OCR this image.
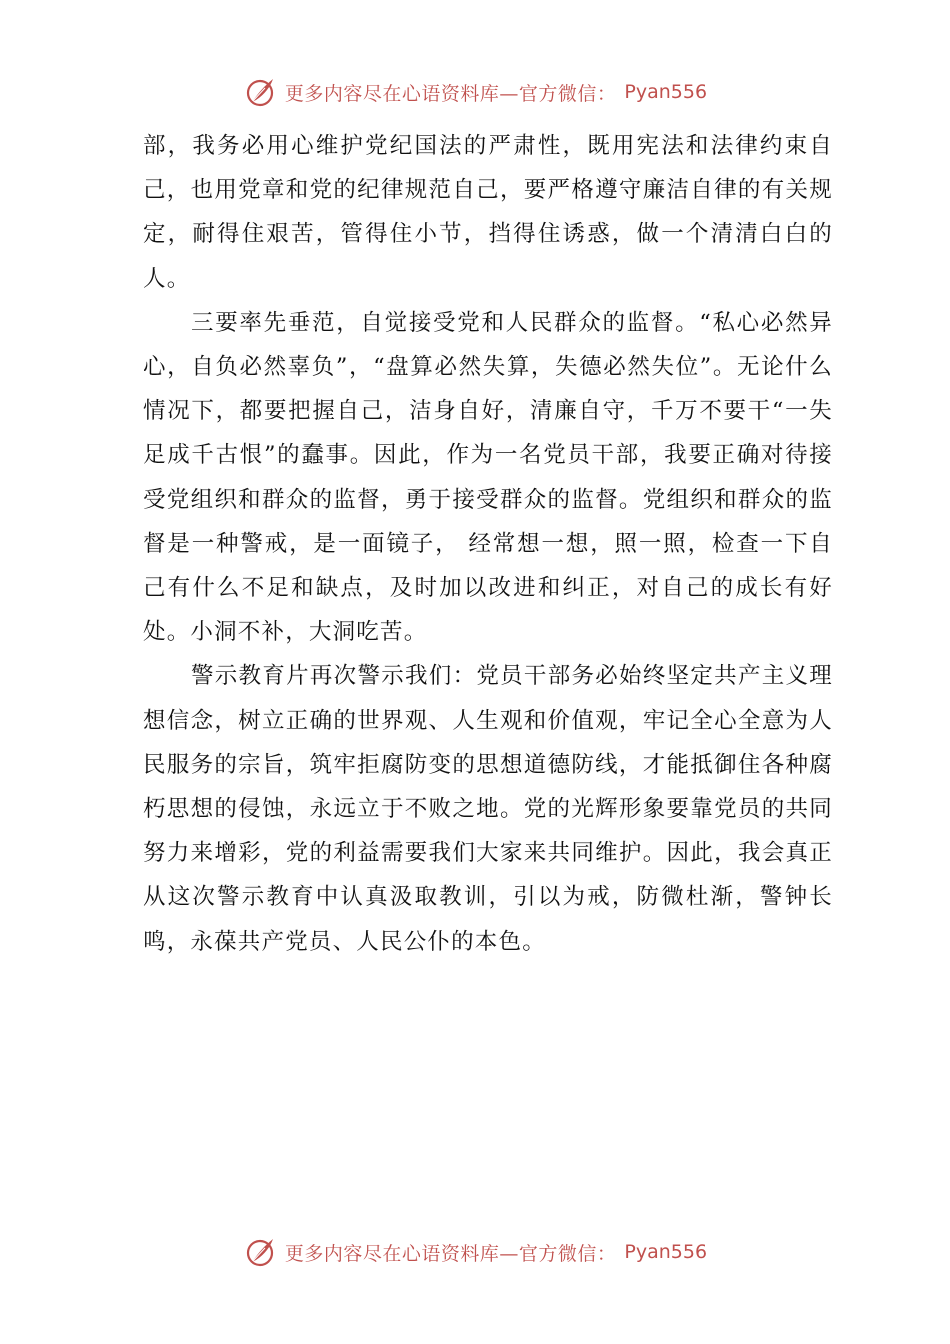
更多内容尽在心语资料库—官方微信： Pyan556

部，我务必用心维护党纪国法的严肃性，既用宪法和法律约束自己，也用党章和党的纪律规范自己，要严格遵守廉洁自律的有关规定，耐得住艰苦，管得住小节，挡得住诱惑，做一个清清白白的人。

三要率先垂范，自觉接受党和人民群众的监督。“私心必然异心，自负必然辜负”，“盘算必然失算，失德必然失位”。无论什么情况下，都要把握自己，洁身自好，清廉自守，千万不要干“一失足成千古恨”的蠢事。因此，作为一名党员干部，我要正确对待接受党组织和群众的监督，勇于接受群众的监督。党组织和群众的监督是一种警戒，是一面镜子， 经常想一想，照一照，检查一下自己有什么不足和缺点，及时加以改进和纠正，对自己的成长有好处。小洞不补，大洞吃苦。

警示教育片再次警示我们：党员干部务必始终坚定共产主义理想信念，树立正确的世界观、人生观和价值观，牢记全心全意为人民服务的宗旨，筑牢拒腐防变的思想道德防线，才能抵御住各种腐朽思想的侵蚀，永远立于不败之地。党的光辉形象要靠党员的共同努力来增彩，党的利益需要我们大家来共同维护。因此，我会真正从这次警示教育中认真汲取教训，引以为戒，防微杜渐，警钟长鸣，永葆共产党员、人民公仆的本色。

更多内容尽在心语资料库—官方微信： Pyan556
